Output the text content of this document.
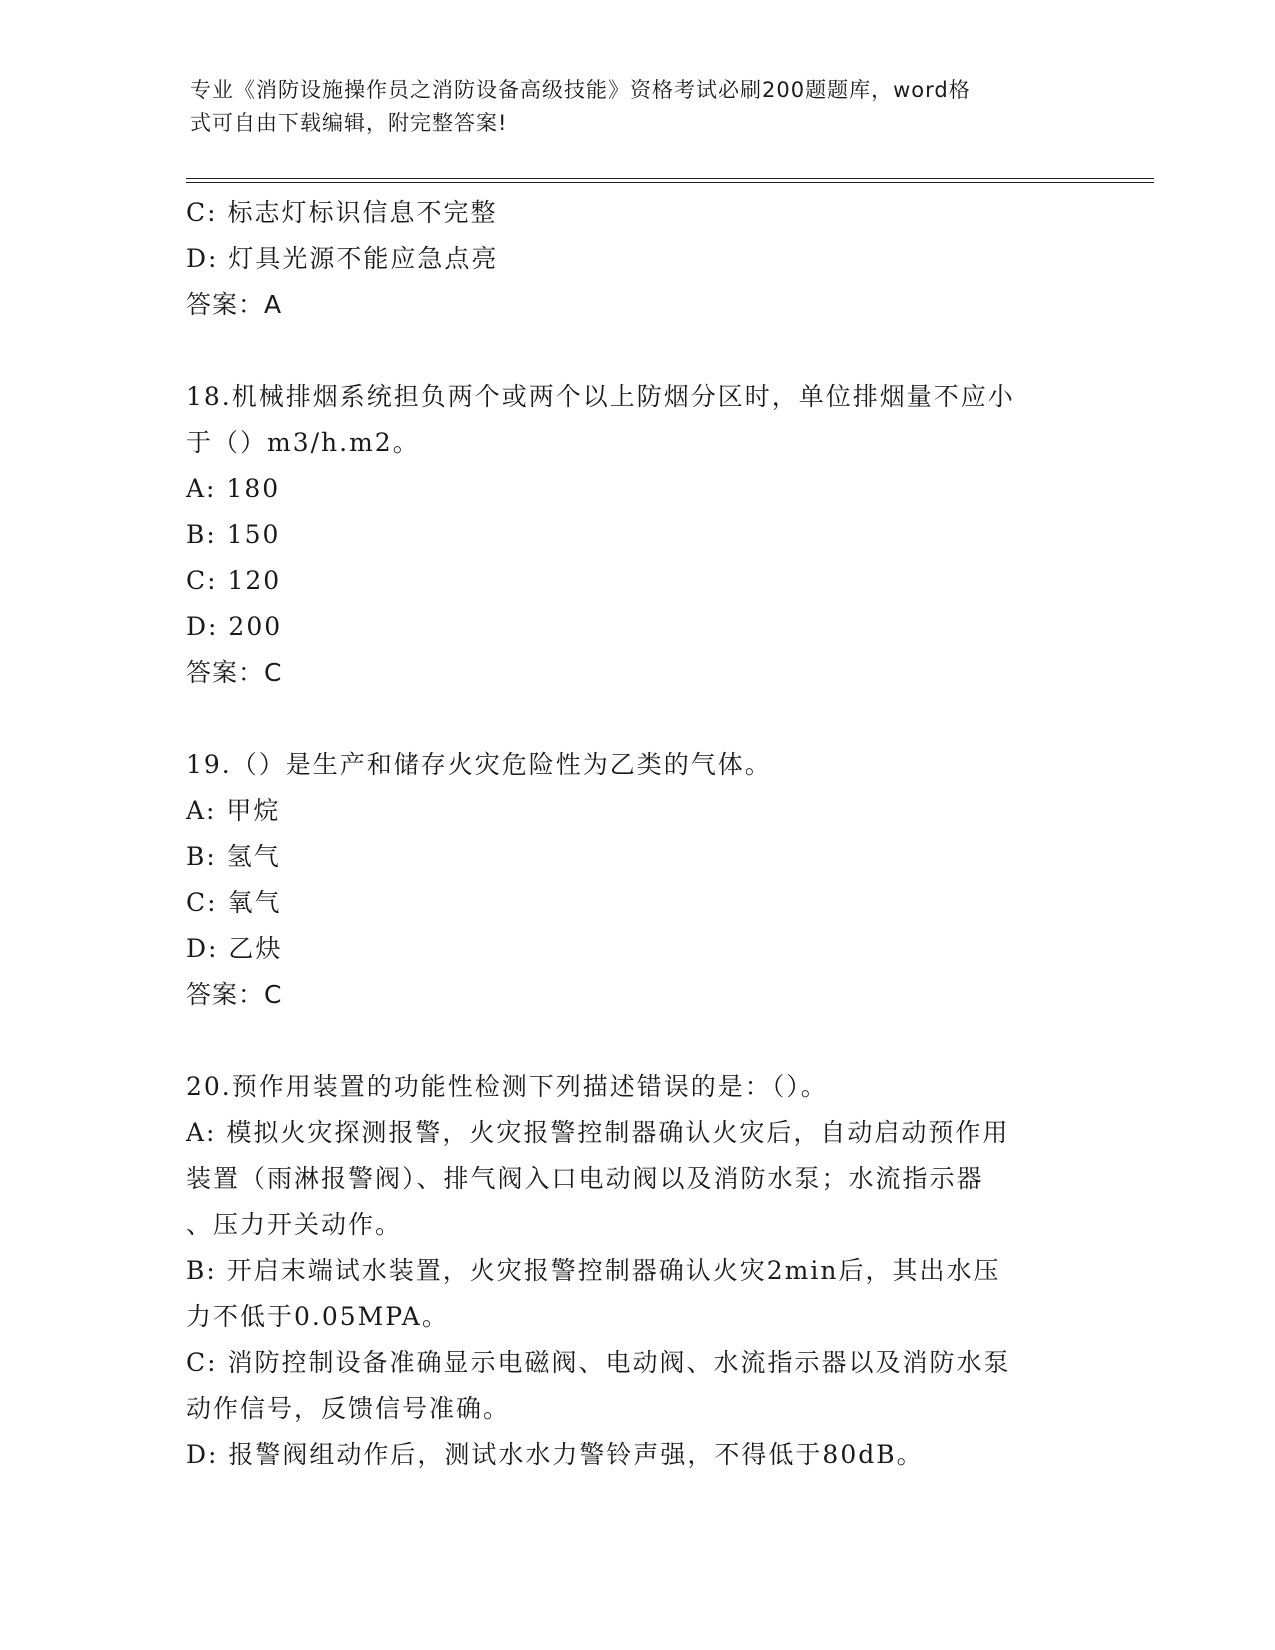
专业《消防设施操作员之消防设备高级技能》资格考试必刷200题题库，word格
式可自由下载编辑，附完整答案!
C: 标志灯标识信息不完整
D: 灯具光源不能应急点亮
答案：A
18.机械排烟系统担负两个或两个以上防烟分区时，单位排烟量不应小
于（）m3/h.m2。
A: 180
B: 150
C: 120
D: 200
答案：C
19.（）是生产和储存火灾危险性为乙类的气体。
A: 甲烷
B: 氢气
C: 氧气
D: 乙炔
答案：C
20.预作用装置的功能性检测下列描述错误的是：（）。
A: 模拟火灾探测报警，火灾报警控制器确认火灾后，自动启动预作用
装置（雨淋报警阀）、排气阀入口电动阀以及消防水泵；水流指示器
、压力开关动作。
B: 开启末端试水装置，火灾报警控制器确认火灾2min后，其出水压
力不低于0.05MPA。
C: 消防控制设备准确显示电磁阀、电动阀、水流指示器以及消防水泵
动作信号，反馈信号准确。
D: 报警阀组动作后，测试水水力警铃声强，不得低于80dB。
